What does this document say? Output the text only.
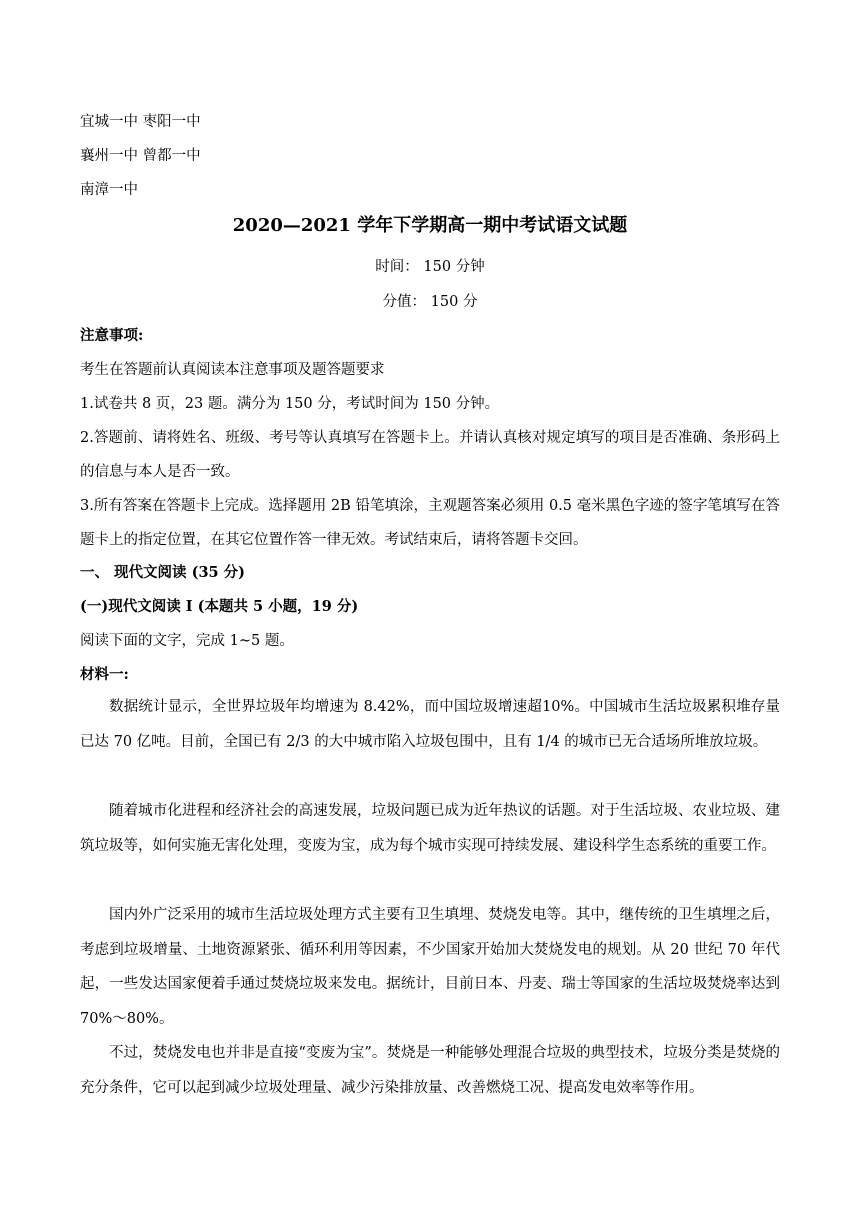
宜城一中 枣阳一中
襄州一中 曾都一中
南漳一中
2020—2021 学年下学期高一期中考试语文试题
时间： 150 分钟
分值： 150 分
注意事项:
考生在答题前认真阅读本注意事项及题答题要求
1.试卷共 8 页，23 题。满分为 150 分，考试时间为 150 分钟。
2.答题前、请将姓名、班级、考号等认真填写在答题卡上。并请认真核对规定填写的项目是否准确、条形码上的信息与本人是否一致。
3.所有答案在答题卡上完成。选择题用 2B 铅笔填涂，主观题答案必须用 0.5 毫米黑色字迹的签字笔填写在答题卡上的指定位置，在其它位置作答一律无效。考试结束后，请将答题卡交回。
一、 现代文阅读 (35 分)
(一)现代文阅读 I (本题共 5 小题，19 分)
阅读下面的文字，完成 1~5 题。
材料一:
数据统计显示，全世界垃圾年均增速为 8.42%，而中国垃圾增速超10%。中国城市生活垃圾累积堆存量已达 70 亿吨。目前，全国已有 2/3 的大中城市陷入垃圾包围中，且有 1/4 的城市已无合适场所堆放垃圾。
随着城市化进程和经济社会的高速发展，垃圾问题已成为近年热议的话题。对于生活垃圾、农业垃圾、建筑垃圾等，如何实施无害化处理，变废为宝，成为每个城市实现可持续发展、建设科学生态系统的重要工作。
国内外广泛采用的城市生活垃圾处理方式主要有卫生填埋、焚烧发电等。其中，继传统的卫生填埋之后，考虑到垃圾增量、土地资源紧张、循环利用等因素，不少国家开始加大焚烧发电的规划。从 20 世纪 70 年代起，一些发达国家便着手通过焚烧垃圾来发电。据统计，目前日本、丹麦、瑞士等国家的生活垃圾焚烧率达到 70%～80%。
不过，焚烧发电也并非是直接“变废为宝”。焚烧是一种能够处理混合垃圾的典型技术，垃圾分类是焚烧的充分条件，它可以起到减少垃圾处理量、减少污染排放量、改善燃烧工况、提高发电效率等作用。
